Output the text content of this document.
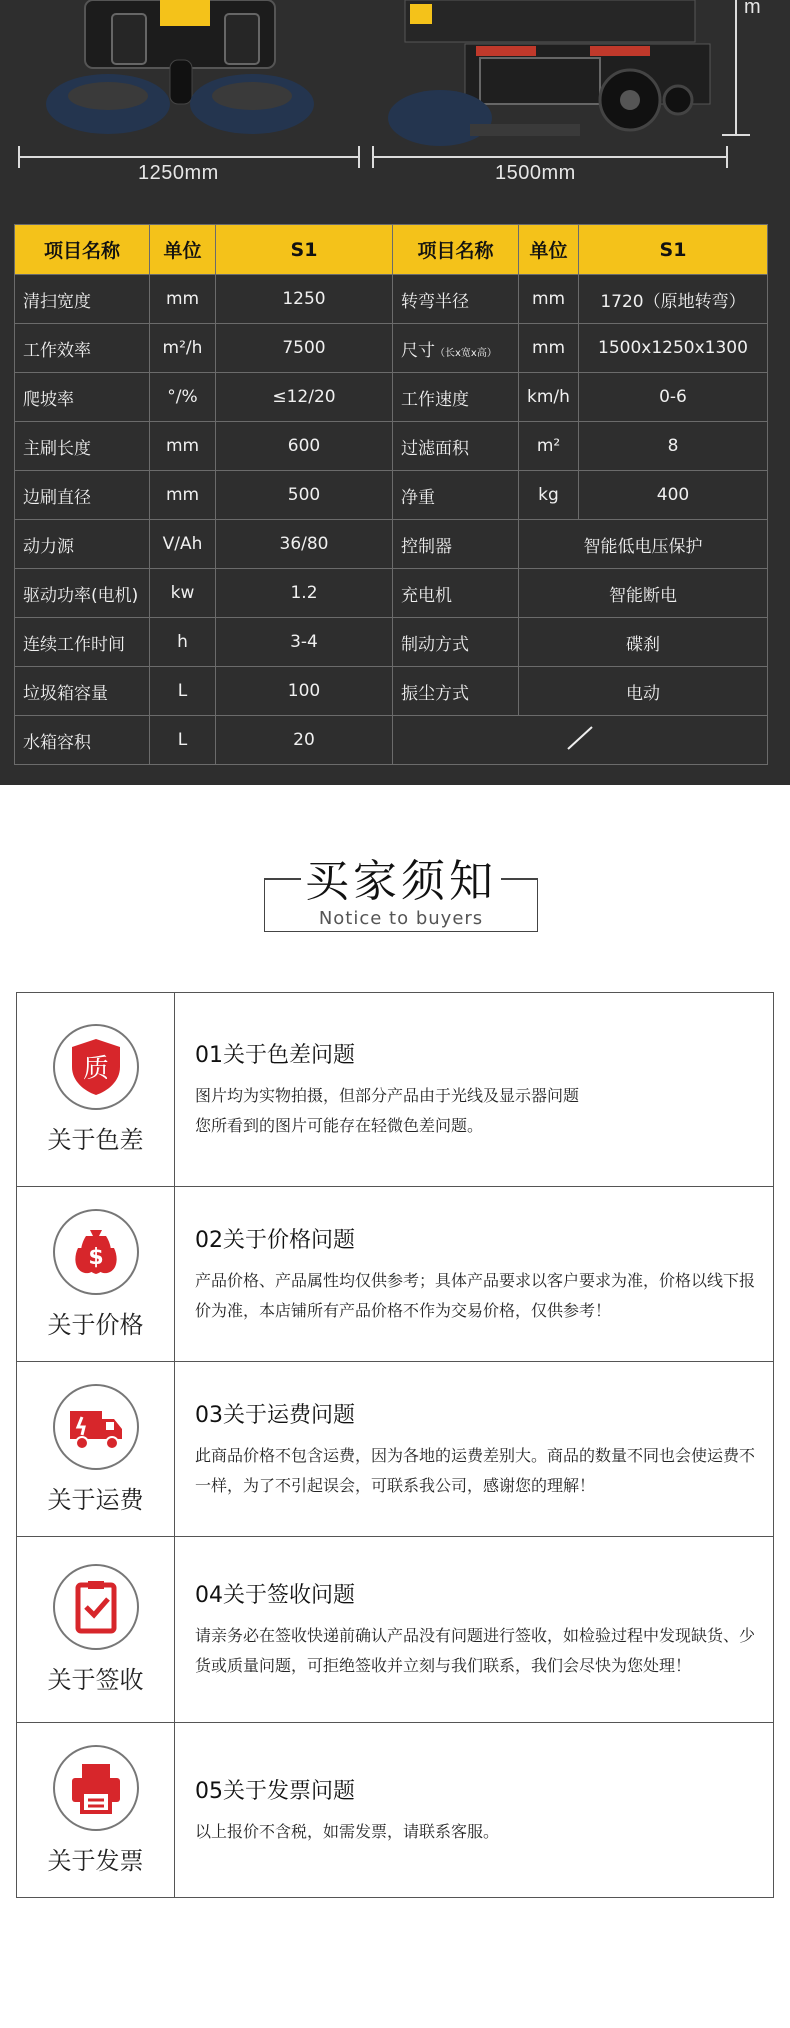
m
1250mm	1500mm
项目名称	单位	S1	项目名称	单位	S1
清扫宽度	mm	1250	转弯半径	mm	1720（原地转弯）
工作效率	m²/h	7500	尺寸（长x宽x高）	mm	1500x1250x1300
爬坡率	°/%	≤12/20	工作速度	km/h	0-6
主刷长度	mm	600	过滤面积	m²	8
边刷直径	mm	500	净重	kg	400
动力源	V/Ah	36/80	控制器	智能低电压保护	
驱动功率(电机)	kw	1.2	充电机	智能断电	
连续工作时间	h	3-4	制动方式	碟刹	
垃圾箱容量	L	100	振尘方式	电动	
水箱容积	L	20	
买家须知
Notice to buyers
质
关于色差
01关于色差问题
图片均为实物拍摄，但部分产品由于光线及显示器问题
您所看到的图片可能存在轻微色差问题。
$
关于价格
02关于价格问题
产品价格、产品属性均仅供参考；具体产品要求以客户要求为准，价格以线下报价为准，本店铺所有产品价格不作为交易价格，仅供参考！
关于运费
03关于运费问题
此商品价格不包含运费，因为各地的运费差别大。商品的数量不同也会使运费不一样，为了不引起误会，可联系我公司，感谢您的理解！
关于签收
04关于签收问题
请亲务必在签收快递前确认产品没有问题进行签收，如检验过程中发现缺货、少货或质量问题，可拒绝签收并立刻与我们联系，我们会尽快为您处理！
关于发票
05关于发票问题
以上报价不含税，如需发票，请联系客服。
